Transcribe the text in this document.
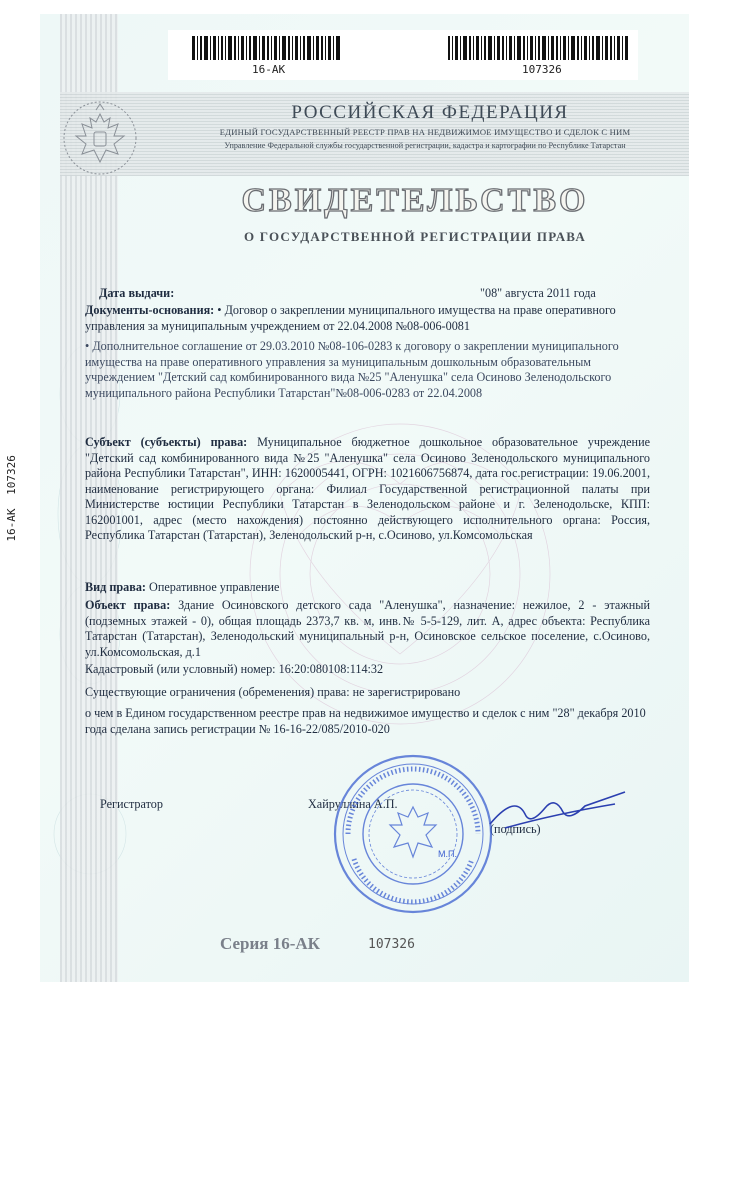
16-АК	107326
РОССИЙСКАЯ ФЕДЕРАЦИЯ
ЕДИНЫЙ ГОСУДАРСТВЕННЫЙ РЕЕСТР ПРАВ НА НЕДВИЖИМОЕ ИМУЩЕСТВО И СДЕЛОК С НИМ
Управление Федеральной службы государственной регистрации, кадастра и картографии по Республике Татарстан
СВИДЕТЕЛЬСТВО
О ГОСУДАРСТВЕННОЙ РЕГИСТРАЦИИ ПРАВА
Дата выдачи:	"08" августа 2011 года
Документы-основания: • Договор о закреплении муниципального имущества на праве оперативного управления за муниципальным учреждением от 22.04.2008 №08-006-0081
• Дополнительное соглашение от 29.03.2010 №08-106-0283 к договору о закреплении муниципального имущества на праве оперативного управления за муниципальным дошкольным образовательным учреждением "Детский сад комбинированного вида №25 "Аленушка" села Осиново Зеленодольского муниципального района Республики Татарстан"№08-006-0283 от 22.04.2008
Субъект (субъекты) права: Муниципальное бюджетное дошкольное образовательное учреждение "Детский сад комбинированного вида №25 "Аленушка" села Осиново Зеленодольского муниципального района Республики Татарстан", ИНН: 1620005441, ОГРН: 1021606756874, дата гос.регистрации: 19.06.2001, наименование регистрирующего органа: Филиал Государственной регистрационной палаты при Министерстве юстиции Республики Татарстан в Зеленодольском районе и г. Зеленодольске, КПП: 162001001, адрес (место нахождения) постоянно действующего исполнительного органа: Россия, Республика Татарстан (Татарстан), Зеленодольский р-н, с.Осиново, ул.Комсомольская
Вид права: Оперативное управление
Объект права: Здание Осиновского детского сада "Аленушка", назначение: нежилое, 2 - этажный (подземных этажей - 0), общая площадь 2373,7 кв. м, инв.№ 5-5-129, лит. А, адрес объекта: Республика Татарстан (Татарстан), Зеленодольский муниципальный р-н, Осиновское сельское поселение, с.Осиново, ул.Комсомольская, д.1
Кадастровый (или условный) номер: 16:20:080108:114:32
Существующие ограничения (обременения) права: не зарегистрировано
о чем в Едином государственном реестре прав на недвижимое имущество и сделок с ним "28" декабря 2010 года сделана запись регистрации № 16-16-22/085/2010-020
Регистратор	Хайруллина А.П.
(подпись)
М.П.
Серия 16-АК	107326
16-АК
107326
